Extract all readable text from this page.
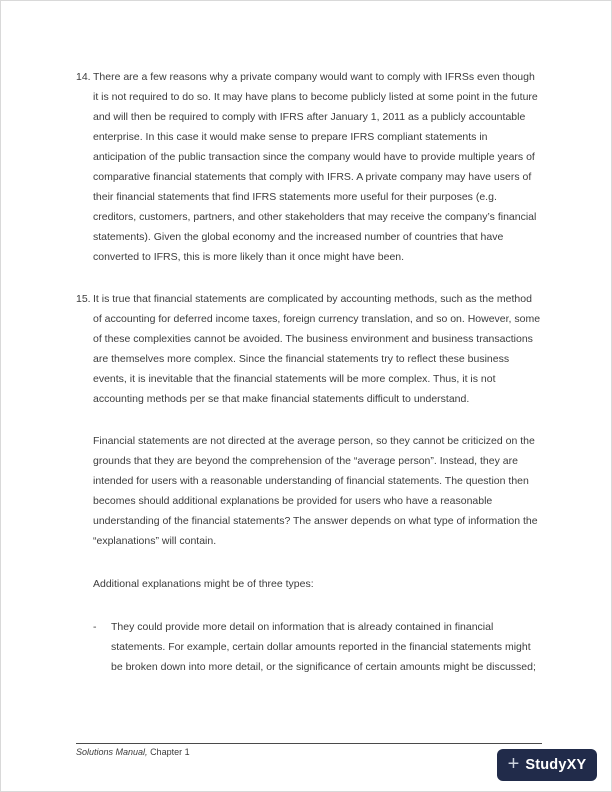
14. There are a few reasons why a private company would want to comply with IFRSs even though it is not required to do so. It may have plans to become publicly listed at some point in the future and will then be required to comply with IFRS after January 1, 2011 as a publicly accountable enterprise. In this case it would make sense to prepare IFRS compliant statements in anticipation of the public transaction since the company would have to provide multiple years of comparative financial statements that comply with IFRS. A private company may have users of their financial statements that find IFRS statements more useful for their purposes (e.g. creditors, customers, partners, and other stakeholders that may receive the company’s financial statements). Given the global economy and the increased number of countries that have converted to IFRS, this is more likely than it once might have been.
15. It is true that financial statements are complicated by accounting methods, such as the method of accounting for deferred income taxes, foreign currency translation, and so on. However, some of these complexities cannot be avoided. The business environment and business transactions are themselves more complex. Since the financial statements try to reflect these business events, it is inevitable that the financial statements will be more complex. Thus, it is not accounting methods per se that make financial statements difficult to understand.
Financial statements are not directed at the average person, so they cannot be criticized on the grounds that they are beyond the comprehension of the “average person”. Instead, they are intended for users with a reasonable understanding of financial statements. The question then becomes should additional explanations be provided for users who have a reasonable understanding of the financial statements? The answer depends on what type of information the “explanations” will contain.
Additional explanations might be of three types:
-	They could provide more detail on information that is already contained in financial statements. For example, certain dollar amounts reported in the financial statements might be broken down into more detail, or the significance of certain amounts might be discussed;
Solutions Manual, Chapter 1
+ StudyXY
